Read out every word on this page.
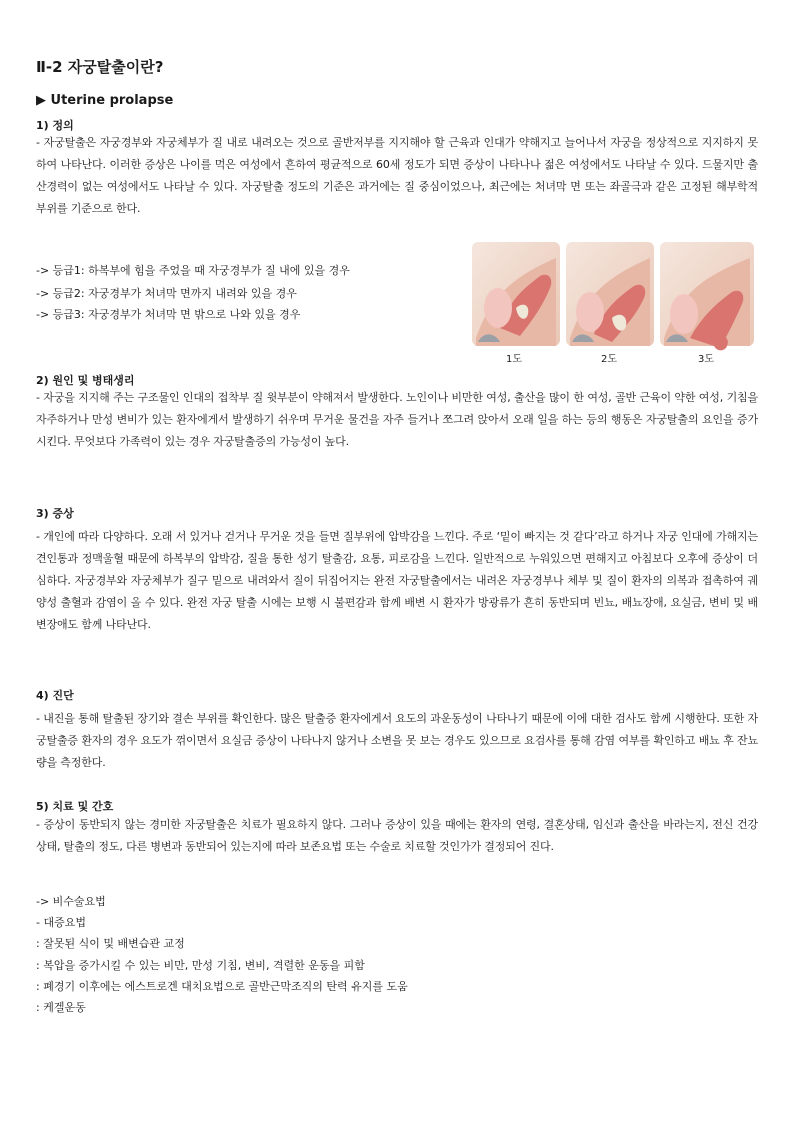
Ⅱ-2 자궁탈출이란?
▶ Uterine prolapse
1) 정의
- 자궁탈출은 자궁경부와 자궁체부가 질 내로 내려오는 것으로 골반저부를 지지해야 할 근육과 인대가 약해지고 늘어나서 자궁을 정상적으로 지지하지 못하여 나타난다. 이러한 증상은 나이를 먹은 여성에서 흔하여 평균적으로 60세 정도가 되면 증상이 나타나나 젊은 여성에서도 나타날 수 있다. 드물지만 출산경력이 없는 여성에서도 나타날 수 있다. 자궁탈출 정도의 기준은 과거에는 질 중심이었으나, 최근에는 처녀막 면 또는 좌골극과 같은 고정된 해부학적 부위를 기준으로 한다.
-> 등급1: 하복부에 힘을 주었을 때 자궁경부가 질 내에 있을 경우
-> 등급2: 자궁경부가 처녀막 면까지 내려와 있을 경우
-> 등급3: 자궁경부가 처녀막 면 밖으로 나와 있을 경우
1도	2도	3도
2) 원인 및 병태생리
- 자궁을 지지해 주는 구조물인 인대의 접착부 질 윗부분이 약해져서 발생한다. 노인이나 비만한 여성, 출산을 많이 한 여성, 골반 근육이 약한 여성, 기침을 자주하거나 만성 변비가 있는 환자에게서 발생하기 쉬우며 무거운 물건을 자주 들거나 쪼그려 앉아서 오래 일을 하는 등의 행동은 자궁탈출의 요인을 증가시킨다. 무엇보다 가족력이 있는 경우 자궁탈출증의 가능성이 높다.
3) 증상
- 개인에 따라 다양하다. 오래 서 있거나 걷거나 무거운 것을 들면 질부위에 압박감을 느낀다. 주로 ‘밑이 빠지는 것 같다’라고 하거나 자궁 인대에 가해지는 견인통과 정맥울혈 때문에 하복부의 압박감, 질을 통한 성기 탈출감, 요통, 피로감을 느낀다. 일반적으로 누워있으면 편해지고 아침보다 오후에 증상이 더 심하다. 자궁경부와 자궁체부가 질구 밑으로 내려와서 질이 뒤집어지는 완전 자궁탈출에서는 내려온 자궁경부나 체부 및 질이 환자의 의복과 접촉하여 궤양성 출혈과 감염이 올 수 있다. 완전 자궁 탈출 시에는 보행 시 불편감과 함께 배변 시 환자가 방광류가 흔히 동반되며 빈뇨, 배뇨장애, 요실금, 변비 및 배변장애도 함께 나타난다.
4) 진단
- 내진을 통해 탈출된 장기와 결손 부위를 확인한다. 많은 탈출증 환자에게서 요도의 과운동성이 나타나기 때문에 이에 대한 검사도 함께 시행한다. 또한 자궁탈출증 환자의 경우 요도가 꺾이면서 요실금 증상이 나타나지 않거나 소변을 못 보는 경우도 있으므로 요검사를 통해 감염 여부를 확인하고 배뇨 후 잔뇨량을 측정한다.
5) 치료 및 간호
- 증상이 동반되지 않는 경미한 자궁탈출은 치료가 필요하지 않다. 그러나 증상이 있을 때에는 환자의 연령, 결혼상태, 임신과 출산을 바라는지, 전신 건강상태, 탈출의 정도, 다른 병변과 동반되어 있는지에 따라 보존요법 또는 수술로 치료할 것인가가 결정되어 진다.
-> 비수술요법
- 대증요법
: 잘못된 식이 및 배변습관 교정
: 복압을 증가시킬 수 있는 비만, 만성 기침, 변비, 격렬한 운동을 피함
: 폐경기 이후에는 에스트로겐 대치요법으로 골반근막조직의 탄력 유지를 도움
: 케겔운동
